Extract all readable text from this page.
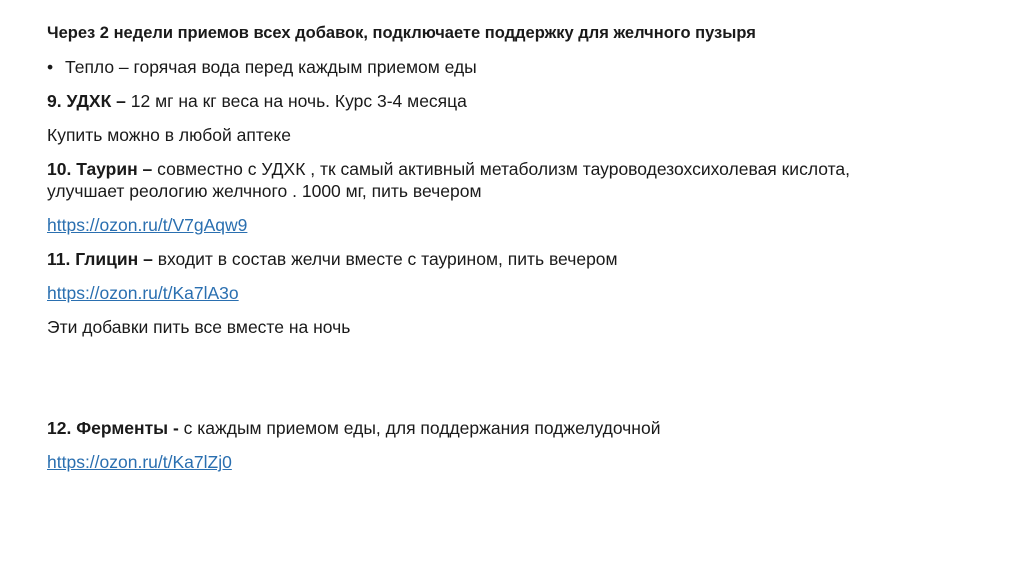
Через 2 недели приемов всех добавок, подключаете поддержку для желчного пузыря
• Тепло – горячая вода перед каждым приемом еды
9. УДХК – 12 мг на кг веса на ночь. Курс 3-4 месяца
Купить можно в любой аптеке
10. Таурин – совместно с УДХК , тк самый активный метаболизм тауроводезохсихолевая кислота,
улучшает реологию желчного . 1000 мг, пить вечером
https://ozon.ru/t/V7gAqw9
11. Глицин – входит в состав желчи вместе с таурином, пить вечером
https://ozon.ru/t/Ka7lA3o
Эти добавки пить все вместе на ночь
12. Ферменты - с каждым приемом еды, для поддержания поджелудочной
https://ozon.ru/t/Ka7lZj0
